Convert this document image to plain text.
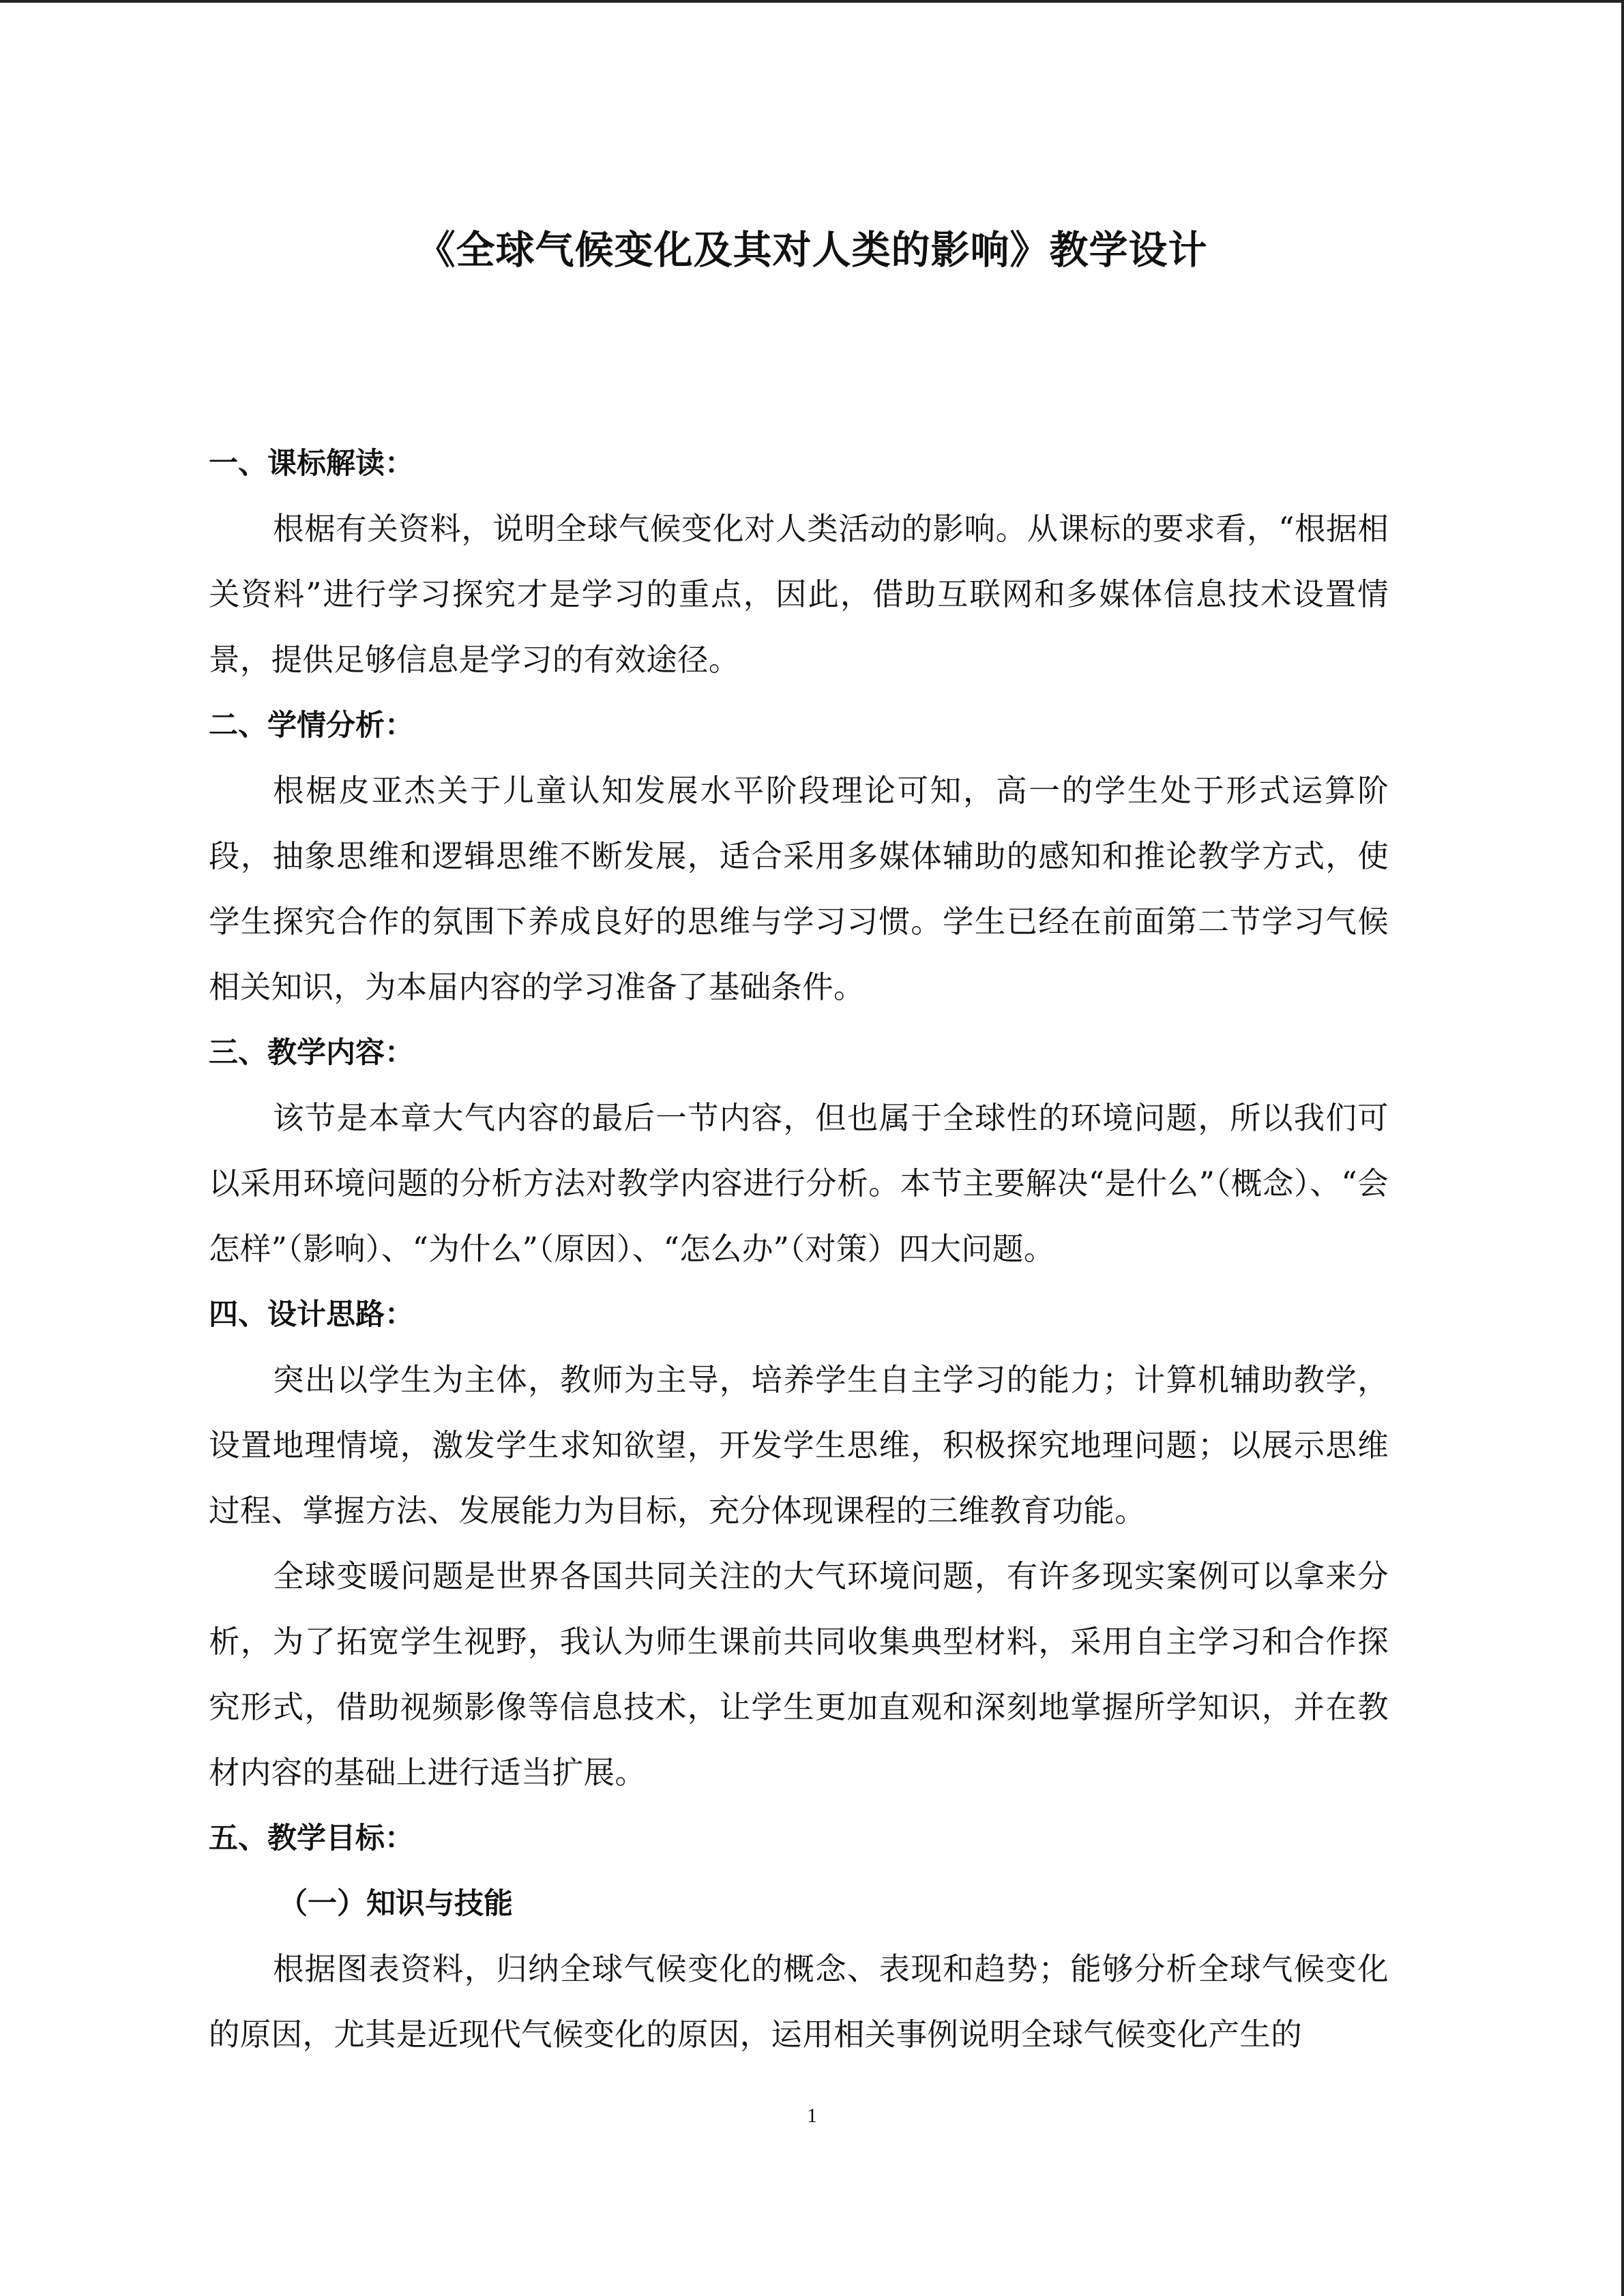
《全球气候变化及其对人类的影响》教学设计

一、课标解读：

根椐有关资料，说明全球气候变化对人类活动的影响。从课标的要求看，“根据相关资料”进行学习探究才是学习的重点，因此，借助互联网和多媒体信息技术设置情景，提供足够信息是学习的有效途径。

二、学情分析：

根椐皮亚杰关于儿童认知发展水平阶段理论可知，高一的学生处于形式运算阶段，抽象思维和逻辑思维不断发展，适合采用多媒体辅助的感知和推论教学方式，使学生探究合作的氛围下养成良好的思维与学习习惯。学生已经在前面第二节学习气候相关知识，为本届内容的学习准备了基础条件。

三、教学内容：

该节是本章大气内容的最后一节内容，但也属于全球性的环境问题，所以我们可以采用环境问题的分析方法对教学内容进行分析。本节主要解决“是什么”（概念）、“会怎样”（影响）、“为什么”（原因）、“怎么办”（对策）四大问题。

四、设计思路：

突出以学生为主体，教师为主导，培养学生自主学习的能力；计算机辅助教学，设置地理情境，激发学生求知欲望，开发学生思维，积极探究地理问题；以展示思维过程、掌握方法、发展能力为目标，充分体现课程的三维教育功能。

全球变暖问题是世界各国共同关注的大气环境问题，有许多现实案例可以拿来分析，为了拓宽学生视野，我认为师生课前共同收集典型材料，采用自主学习和合作探究形式，借助视频影像等信息技术，让学生更加直观和深刻地掌握所学知识，并在教材内容的基础上进行适当扩展。

五、教学目标：

（一）知识与技能

根据图表资料，归纳全球气候变化的概念、表现和趋势；能够分析全球气候变化的原因，尤其是近现代气候变化的原因，运用相关事例说明全球气候变化产生的

1
